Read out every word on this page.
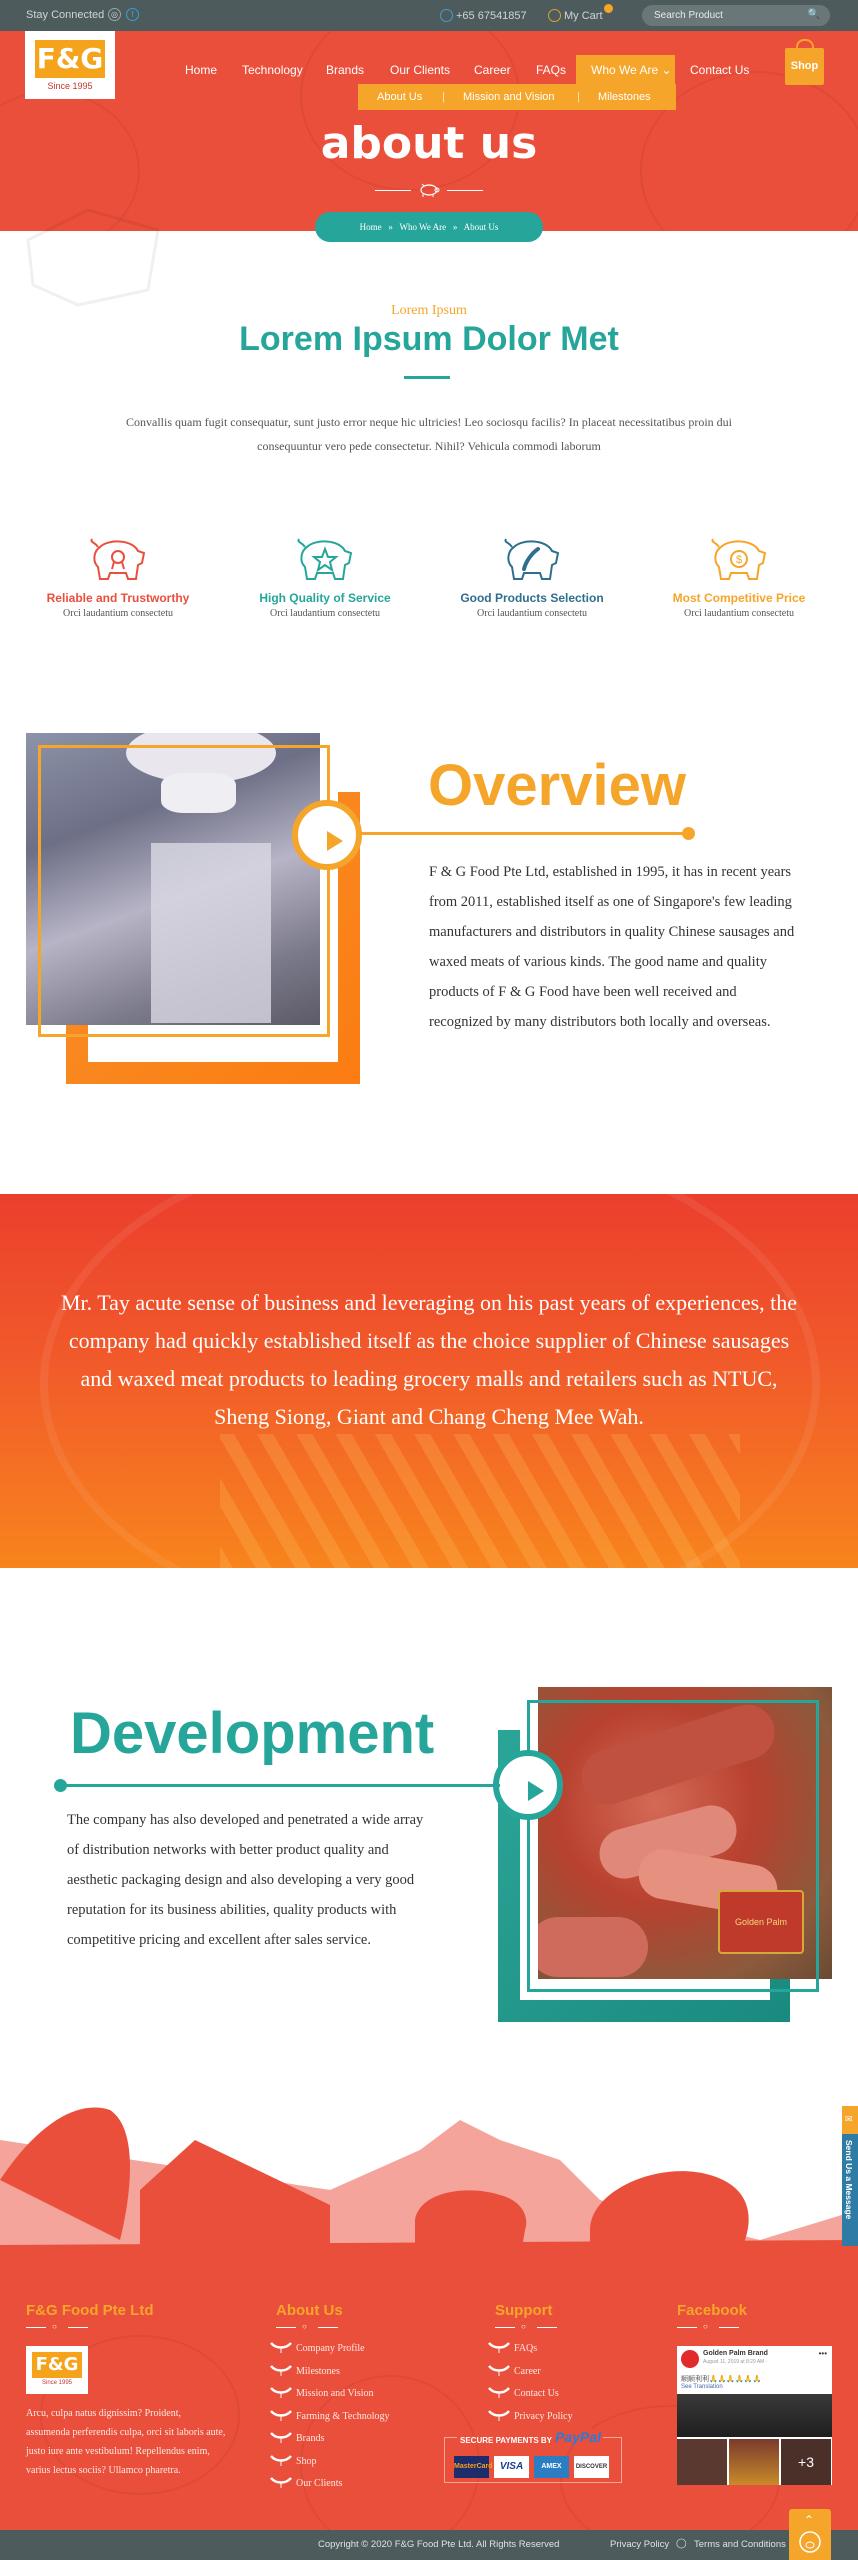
Stay Connected ◎	f	+65 67541857	My Cart	Search Product	🔍
F&G
Since 1995
Home Technology Brands Our Clients Career FAQs Who We Are ⌄ Contact Us
About Us | Mission and Vision | Milestones
Shop
about us
Home » Who We Are » About Us
Lorem Ipsum
Lorem Ipsum Dolor Met
Convallis quam fugit consequatur, sunt justo error neque hic ultricies! Leo sociosqu facilis? In placeat necessitatibus proin dui consequuntur vero pede consectetur. Nihil? Vehicula commodi laborum
Reliable and Trustworthy
Orci laudantium consectetu
High Quality of Service
Orci laudantium consectetu
Good Products Selection
Orci laudantium consectetu
$
Most Competitive Price
Orci laudantium consectetu
Overview
F & G Food Pte Ltd, established in 1995, it has in recent years from 2011, established itself as one of Singapore's few leading manufacturers and distributors in quality Chinese sausages and waxed meats of various kinds. The good name and quality products of F & G Food have been well received and recognized by many distributors both locally and overseas.
Mr. Tay acute sense of business and leveraging on his past years of experiences, the company had quickly established itself as the choice supplier of Chinese sausages and waxed meat products to leading grocery malls and retailers such as NTUC, Sheng Siong, Giant and Chang Cheng Mee Wah.
Golden Palm
Development
The company has also developed and penetrated a wide array of distribution networks with better product quality and aesthetic packaging design and also developing a very good reputation for its business abilities, quality products with competitive pricing and excellent after sales service.
F&G Food Pte Ltd
○
F&G
Since 1995
Arcu, culpa natus dignissim? Proident, assumenda perferendis culpa, orci sit laboris aute, justo iure ante vestibulum! Repellendus enim, varius lectus sociis? Ullamco pharetra.
About Us
○
Company Profile
Milestones
Mission and Vision
Farming & Technology
Brands
Shop
Our Clients
Support
○
FAQs
Career
Contact Us
Privacy Policy
SECURE PAYMENTS BY PayPal
MasterCard VISA	AMEX	DISCOVER
Facebook
○
Golden Palm Brand
August 11, 2019 at 8:29 AM ·
•••
顺顺利利🙏🙏🙏🙏🙏🙏
See Translation
+3
Copyright © 2020 F&G Food Pte Ltd. All Rights Reserved	Privacy Policy ◯ Terms and Conditions
⌃
✉
Send Us a Message
